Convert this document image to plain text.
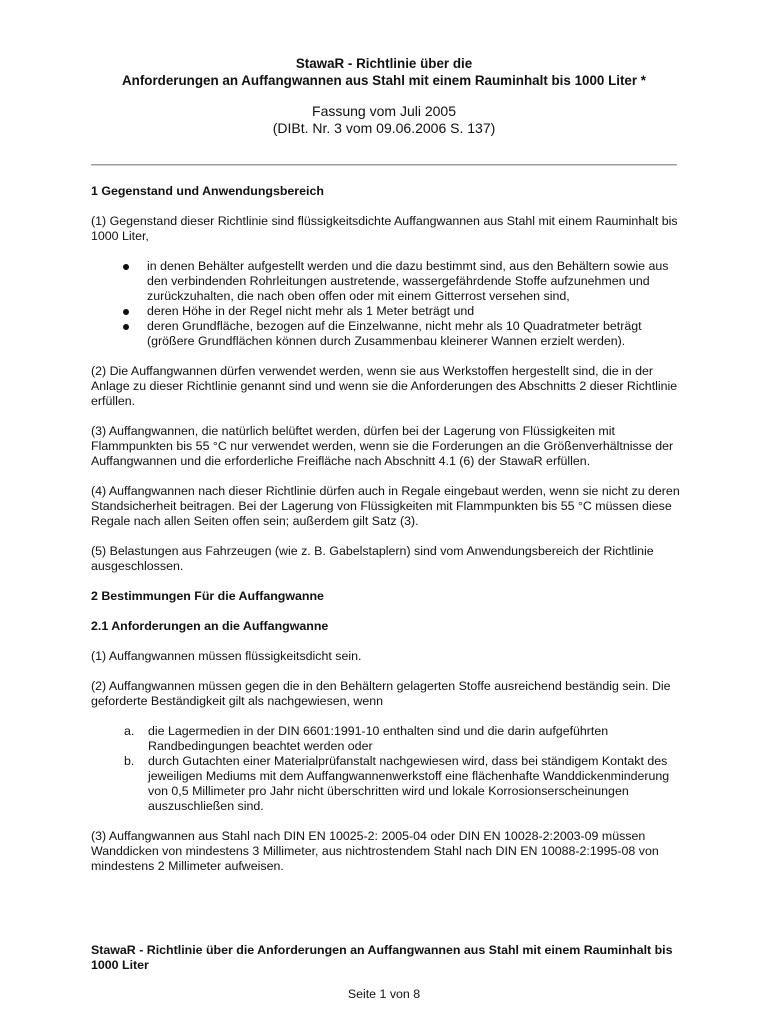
StawaR - Richtlinie über die
Anforderungen an Auffangwannen aus Stahl mit einem Rauminhalt bis 1000 Liter *
Fassung vom Juli 2005
(DIBt. Nr. 3 vom 09.06.2006 S. 137)

1 Gegenstand und Anwendungsbereich

(1) Gegenstand dieser Richtlinie sind flüssigkeitsdichte Auffangwannen aus Stahl mit einem Rauminhalt bis 1000 Liter,

in denen Behälter aufgestellt werden und die dazu bestimmt sind, aus den Behältern sowie aus den verbindenden Rohrleitungen austretende, wassergefährdende Stoffe aufzunehmen und zurückzuhalten, die nach oben offen oder mit einem Gitterrost versehen sind,
deren Höhe in der Regel nicht mehr als 1 Meter beträgt und
deren Grundfläche, bezogen auf die Einzelwanne, nicht mehr als 10 Quadratmeter beträgt (größere Grundflächen können durch Zusammenbau kleinerer Wannen erzielt werden).

(2) Die Auffangwannen dürfen verwendet werden, wenn sie aus Werkstoffen hergestellt sind, die in der Anlage zu dieser Richtlinie genannt sind und wenn sie die Anforderungen des Abschnitts 2 dieser Richtlinie erfüllen.

(3) Auffangwannen, die natürlich belüftet werden, dürfen bei der Lagerung von Flüssigkeiten mit Flammpunkten bis 55 °C nur verwendet werden, wenn sie die Forderungen an die Größenverhältnisse der Auffangwannen und die erforderliche Freifläche nach Abschnitt 4.1 (6) der StawaR erfüllen.

(4) Auffangwannen nach dieser Richtlinie dürfen auch in Regale eingebaut werden, wenn sie nicht zu deren Standsicherheit beitragen. Bei der Lagerung von Flüssigkeiten mit Flammpunkten bis 55 °C müssen diese Regale nach allen Seiten offen sein; außerdem gilt Satz (3).

(5) Belastungen aus Fahrzeugen (wie z. B. Gabelstaplern) sind vom Anwendungsbereich der Richtlinie ausgeschlossen.

2 Bestimmungen Für die Auffangwanne

2.1 Anforderungen an die Auffangwanne

(1) Auffangwannen müssen flüssigkeitsdicht sein.

(2) Auffangwannen müssen gegen die in den Behältern gelagerten Stoffe ausreichend beständig sein. Die geforderte Beständigkeit gilt als nachgewiesen, wenn

a. die Lagermedien in der DIN 6601:1991-10 enthalten sind und die darin aufgeführten Randbedingungen beachtet werden oder
b. durch Gutachten einer Materialprüfanstalt nachgewiesen wird, dass bei ständigem Kontakt des jeweiligen Mediums mit dem Auffangwannenwerkstoff eine flächenhafte Wanddickenminderung von 0,5 Millimeter pro Jahr nicht überschritten wird und lokale Korrosionserscheinungen auszuschließen sind.

(3) Auffangwannen aus Stahl nach DIN EN 10025-2: 2005-04 oder DIN EN 10028-2:2003-09 müssen Wanddicken von mindestens 3 Millimeter, aus nichtrostendem Stahl nach DIN EN 10088-2:1995-08 von mindestens 2 Millimeter aufweisen.

StawaR - Richtlinie über die Anforderungen an Auffangwannen aus Stahl mit einem Rauminhalt bis 1000 Liter
Seite 1 von 8
